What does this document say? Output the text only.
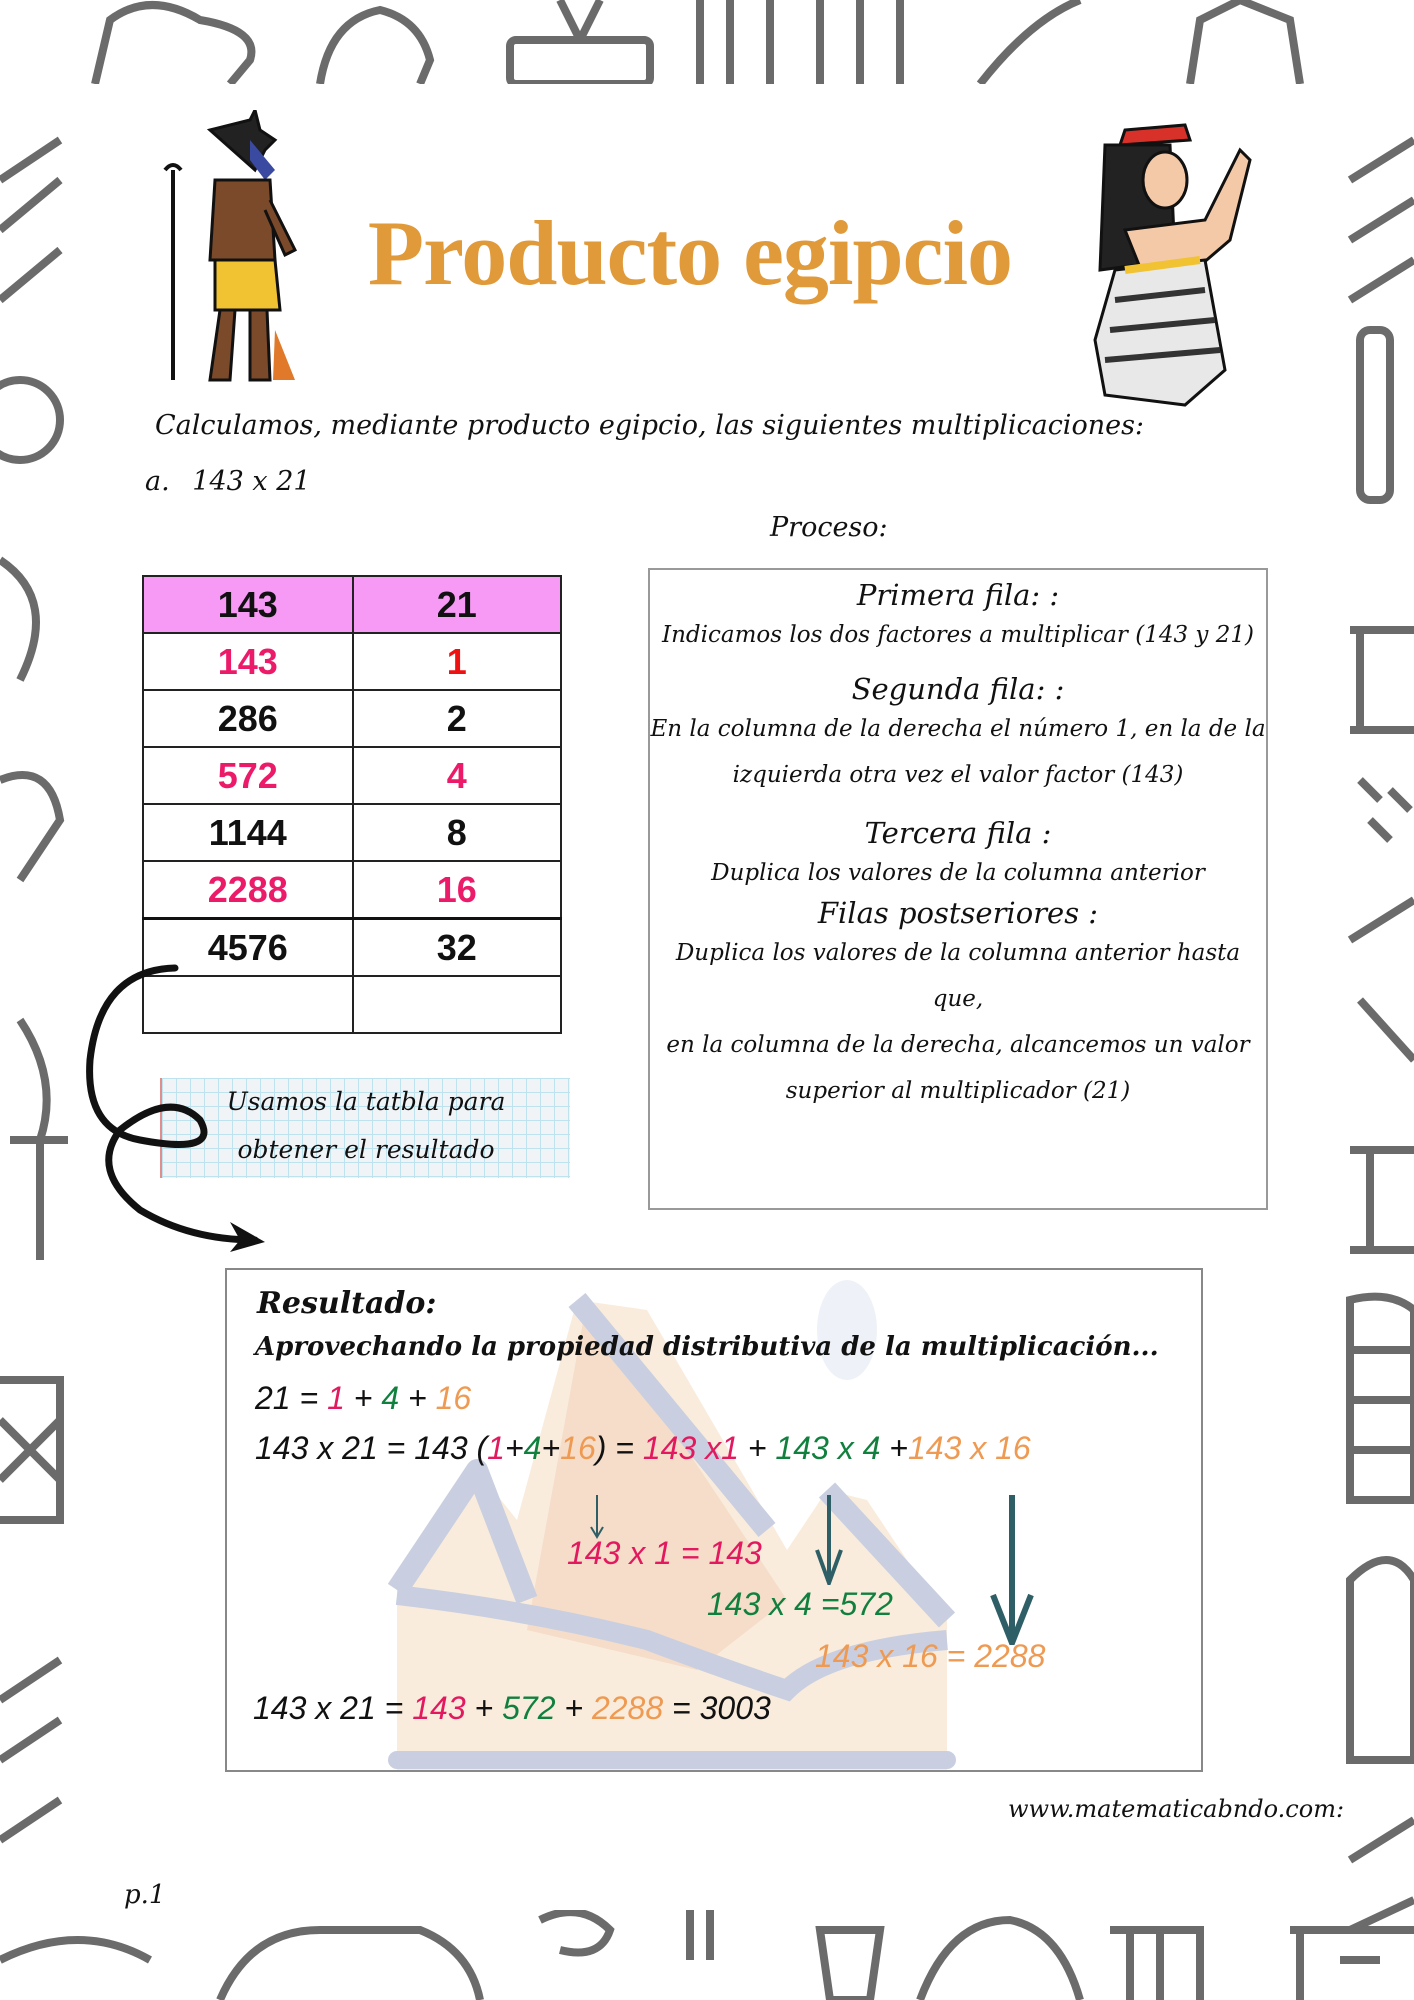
Producto egipcio
Calculamos, mediante producto egipcio, las siguientes multiplicaciones:
a. 143 x 21
Proceso:
143	21
143	1
286	2
572	4
1144	8
2288	16
4576	32

Primera fila: :
Indicamos los dos factores a multiplicar (143 y 21)
Segunda fila: :
En la columna de la derecha el número 1, en la de la
izquierda otra vez el valor factor (143)
Tercera fila :
Duplica los valores de la columna anterior
Filas postseriores :
Duplica los valores de la columna anterior hasta que,
en la columna de la derecha, alcancemos un valor
superior al multiplicador (21)
Usamos la tatbla para
obtener el resultado
Resultado:
Aprovechando la propiedad distributiva de la multiplicación...
21 = 1 + 4 + 16
143 x 21 = 143 (1+4+16) = 143 x1 + 143 x 4 +143 x 16
143 x 1 = 143
143 x 4 =572
143 x 16 = 2288
143 x 21 = 143 + 572 + 2288 = 3003
www.matematicabndo.com:
p.1
